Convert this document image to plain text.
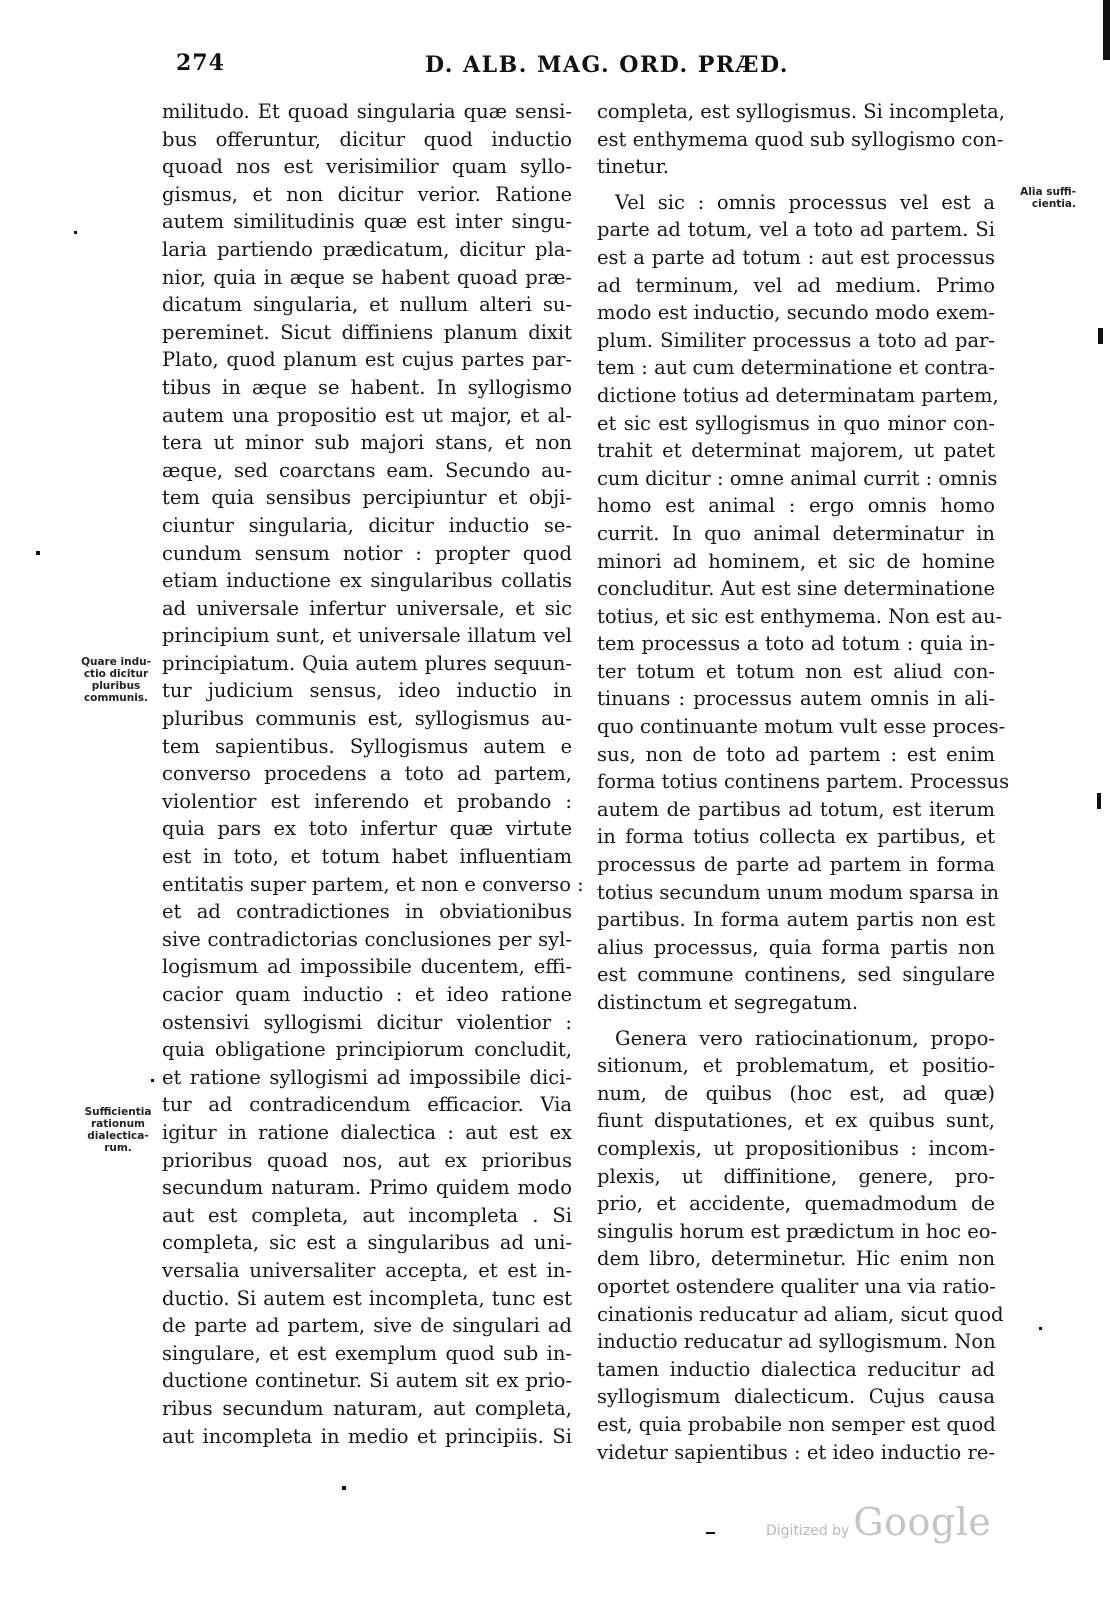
274	D. ALB. MAG. ORD. PRÆD.
militudo. Et quoad singularia quæ sensi-
bus offeruntur, dicitur quod inductio
quoad nos est verisimilior quam syllo-
gismus, et non dicitur verior. Ratione
autem similitudinis quæ est inter singu-
laria partiendo prædicatum, dicitur pla-
nior, quia in æque se habent quoad præ-
dicatum singularia, et nullum alteri su-
pereminet. Sicut diffiniens planum dixit
Plato, quod planum est cujus partes par-
tibus in æque se habent. In syllogismo
autem una propositio est ut major, et al-
tera ut minor sub majori stans, et non
æque, sed coarctans eam. Secundo au-
tem quia sensibus percipiuntur et obji-
ciuntur singularia, dicitur inductio se-
cundum sensum notior : propter quod
etiam inductione ex singularibus collatis
ad universale infertur universale, et sic
principium sunt, et universale illatum vel
principiatum. Quia autem plures sequun-
tur judicium sensus, ideo inductio in
pluribus communis est, syllogismus au-
tem sapientibus. Syllogismus autem e
converso procedens a toto ad partem,
violentior est inferendo et probando :
quia pars ex toto infertur quæ virtute
est in toto, et totum habet influentiam
entitatis super partem, et non e converso :
et ad contradictiones in obviationibus
sive contradictorias conclusiones per syl-
logismum ad impossibile ducentem, effi-
cacior quam inductio : et ideo ratione
ostensivi syllogismi dicitur violentior :
quia obligatione principiorum concludit,
et ratione syllogismi ad impossibile dici-
tur ad contradicendum efficacior. Via
igitur in ratione dialectica : aut est ex
prioribus quoad nos, aut ex prioribus
secundum naturam. Primo quidem modo
aut est completa, aut incompleta . Si
completa, sic est a singularibus ad uni-
versalia universaliter accepta, et est in-
ductio. Si autem est incompleta, tunc est
de parte ad partem, sive de singulari ad
singulare, et est exemplum quod sub in-
ductione continetur. Si autem sit ex prio-
ribus secundum naturam, aut completa,
aut incompleta in medio et principiis. Si
completa, est syllogismus. Si incompleta,
est enthymema quod sub syllogismo con-
tinetur.
Vel sic : omnis processus vel est a
parte ad totum, vel a toto ad partem. Si
est a parte ad totum : aut est processus
ad terminum, vel ad medium. Primo
modo est inductio, secundo modo exem-
plum. Similiter processus a toto ad par-
tem : aut cum determinatione et contra-
dictione totius ad determinatam partem,
et sic est syllogismus in quo minor con-
trahit et determinat majorem, ut patet
cum dicitur : omne animal currit : omnis
homo est animal : ergo omnis homo
currit. In quo animal determinatur in
minori ad hominem, et sic de homine
concluditur. Aut est sine determinatione
totius, et sic est enthymema. Non est au-
tem processus a toto ad totum : quia in-
ter totum et totum non est aliud con-
tinuans : processus autem omnis in ali-
quo continuante motum vult esse proces-
sus, non de toto ad partem : est enim
forma totius continens partem. Processus
autem de partibus ad totum, est iterum
in forma totius collecta ex partibus, et
processus de parte ad partem in forma
totius secundum unum modum sparsa in
partibus. In forma autem partis non est
alius processus, quia forma partis non
est commune continens, sed singulare
distinctum et segregatum.
Genera vero ratiocinationum, propo-
sitionum, et problematum, et positio-
num, de quibus (hoc est, ad quæ)
fiunt disputationes, et ex quibus sunt,
complexis, ut propositionibus : incom-
plexis, ut diffinitione, genere, pro-
prio, et accidente, quemadmodum de
singulis horum est prædictum in hoc eo-
dem libro, determinetur. Hic enim non
oportet ostendere qualiter una via ratio-
cinationis reducatur ad aliam, sicut quod
inductio reducatur ad syllogismum. Non
tamen inductio dialectica reducitur ad
syllogismum dialecticum. Cujus causa
est, quia probabile non semper est quod
videtur sapientibus : et ideo inductio re-
Quare indu-
ctio dicitur
pluribus
communis.
Sufficientia
rationum
dialectica-
rum.
Alia suffi-
cientia.
Digitized by Google
